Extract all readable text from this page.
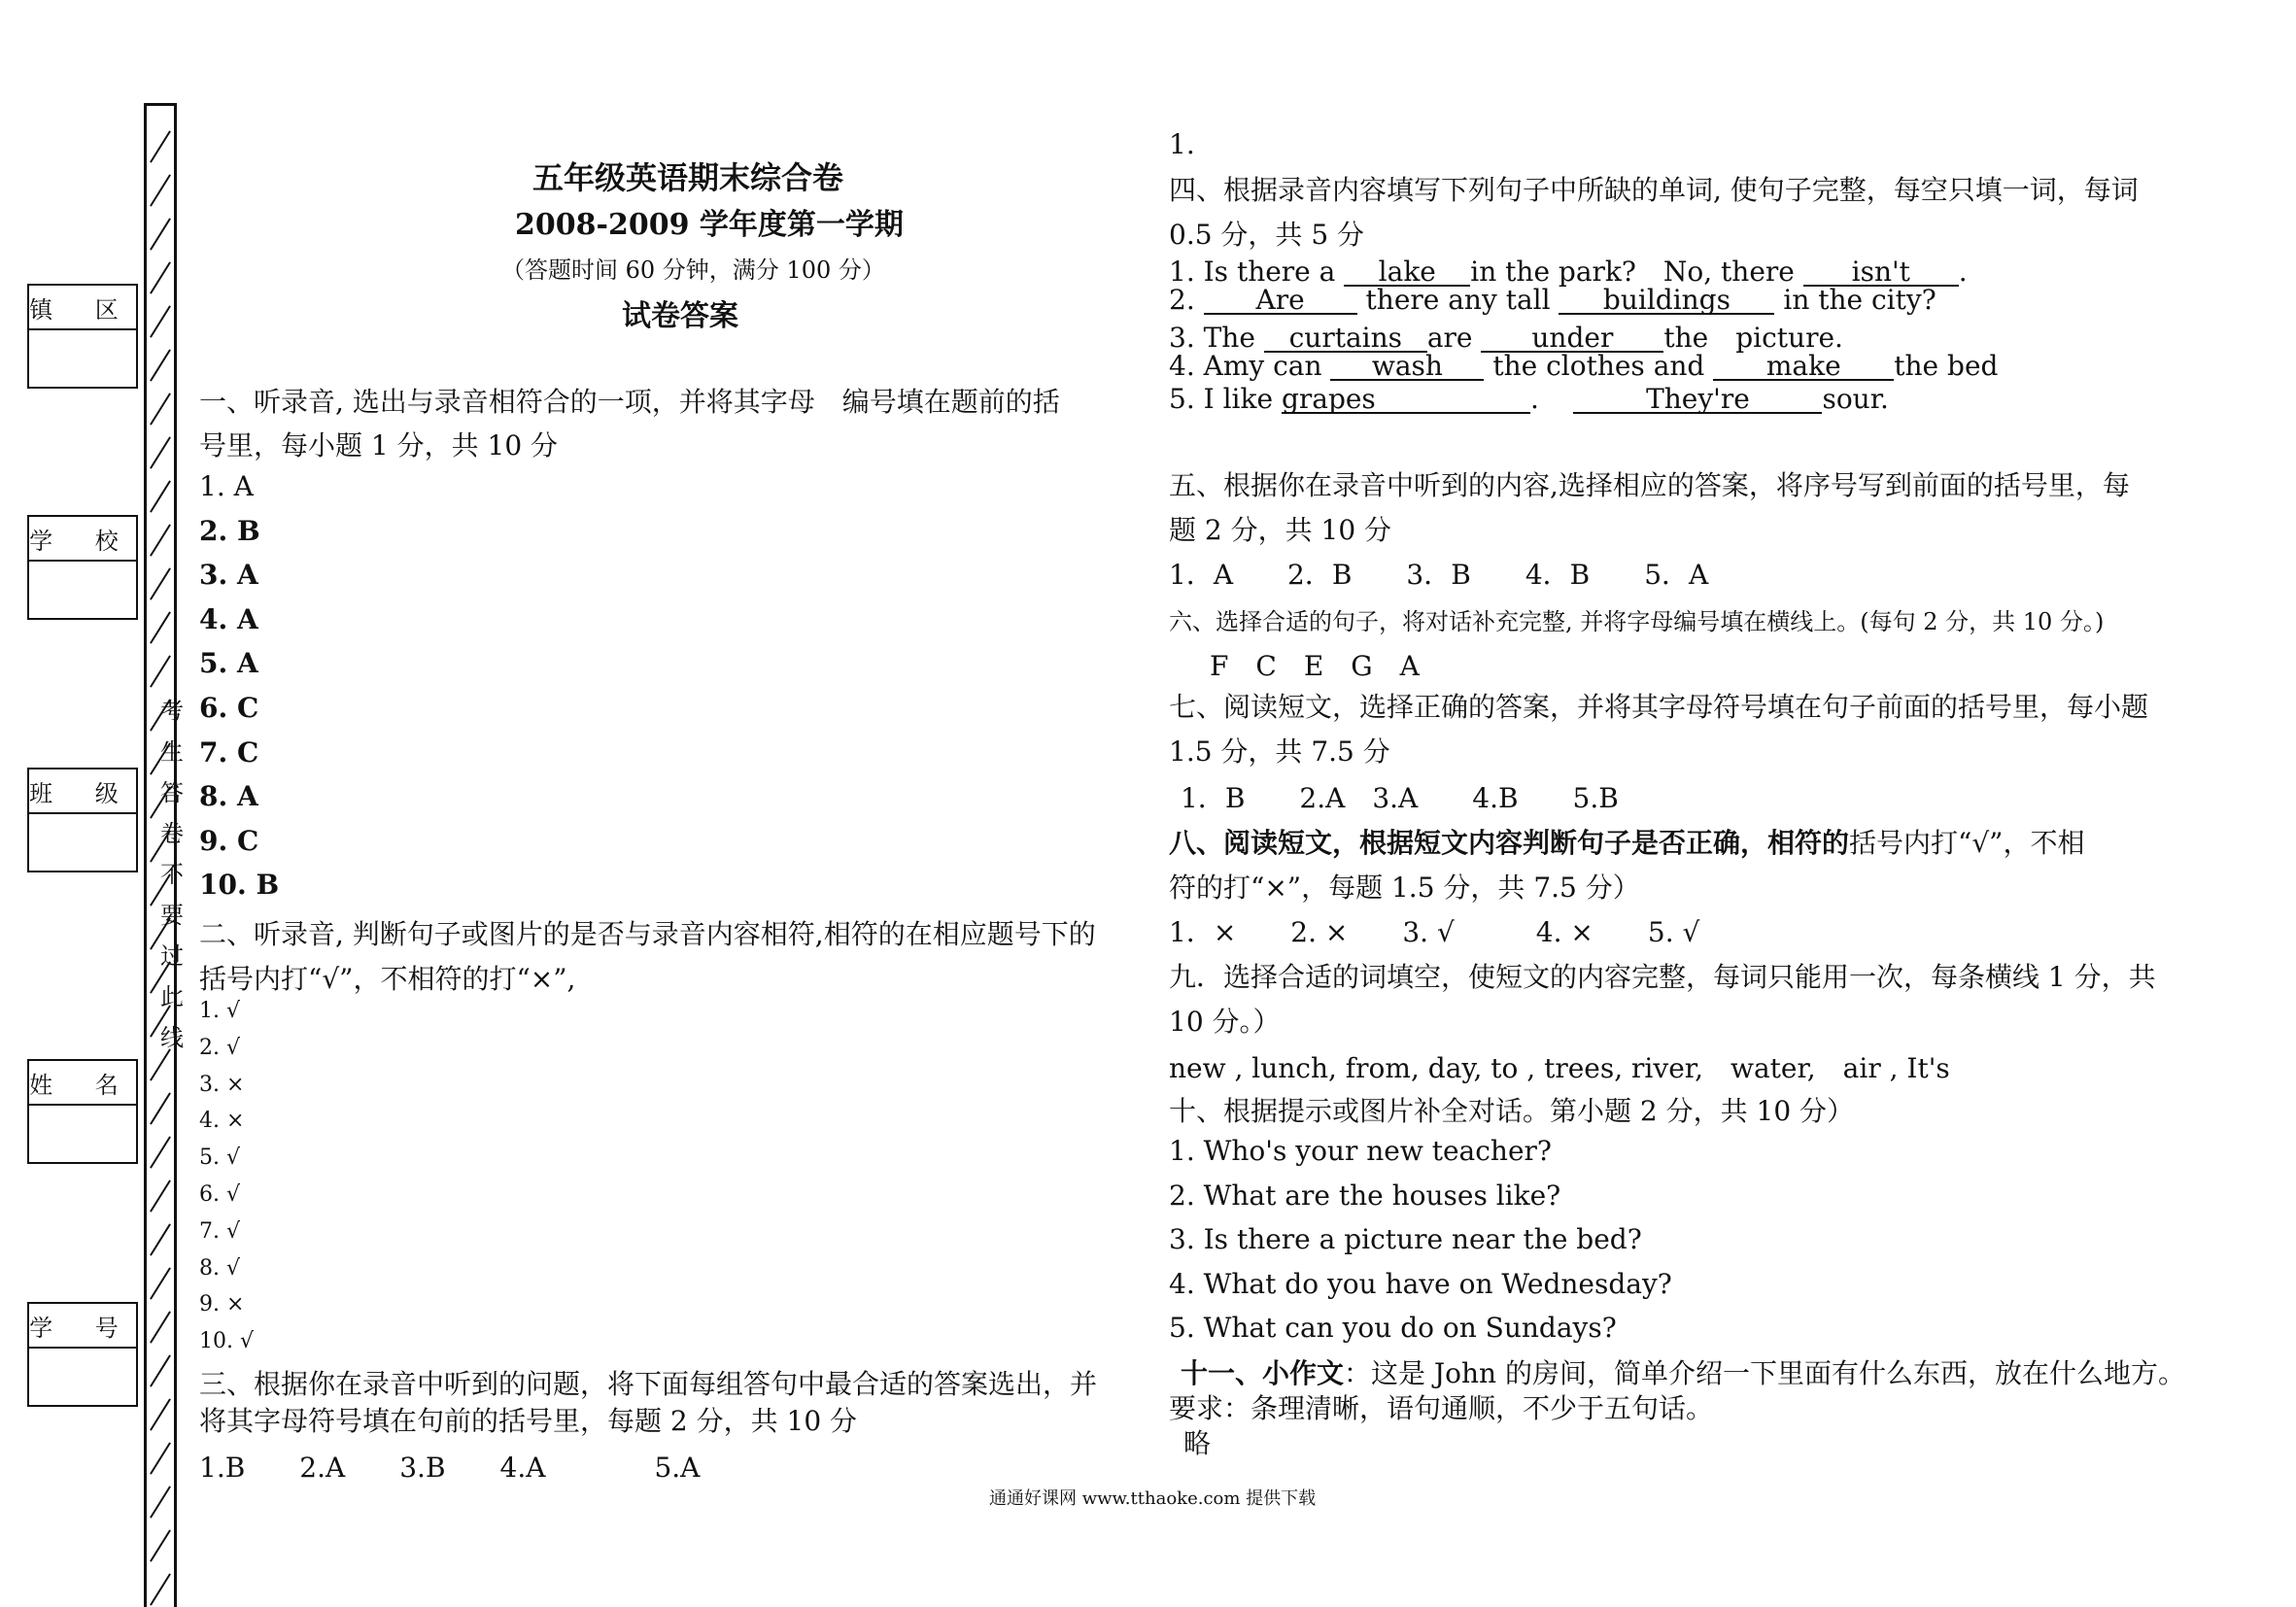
考
生
答
卷
不
要
过
此
线
镇 区
学 校
班 级
姓 名
学 号
五年级英语期末综合卷
2008-2009 学年度第一学期
（答题时间 60 分钟，满分 100 分）
试卷答案
一、听录音, 选出与录音相符合的一项，并将其字母　编号填在题前的括
号里，每小题 1 分，共 10 分
1. A
2. B
3. A
4. A
5. A
6. C
7. C
8. A
9. C
10. B
二、听录音, 判断句子或图片的是否与录音内容相符,相符的在相应题号下的
括号内打“√”，不相符的打“×”,
1. √
2. √
3. ×
4. ×
5. √
6. √
7. √
8. √
9. ×
10. √
三、根据你在录音中听到的问题，将下面每组答句中最合适的答案选出，并
将其字母符号填在句前的括号里，每题 2 分，共 10 分
1.B　　2.A　　3.B　　4.A　　　　5.A
1.
四、根据录音内容填写下列句子中所缺的单词, 使句子完整，每空只填一词，每词
0.5 分，共 5 分
1. Is there a lake in the park?　No, there isn't .
2. Are there any tall buildings in the city?
3. The curtains are under the　picture.
4. Amy can wash the clothes and make the bed
5. I like grapes	.	They're	sour.
五、根据你在录音中听到的内容,选择相应的答案，将序号写到前面的括号里，每
题 2 分，共 10 分
1．A　　2．B　　3．B　　4．B　　5．A
六、选择合适的句子，将对话补充完整, 并将字母编号填在横线上。(每句 2 分，共 10 分。)
F　C　E　G　A
七、阅读短文，选择正确的答案，并将其字母符号填在句子前面的括号里，每小题
1.5 分，共 7.5 分
1．B　　2.A　3.A　　4.B　　5.B
八、阅读短文，根据短文内容判断句子是否正确，相符的括号内打“√”，不相
符的打“×”，每题 1.5 分，共 7.5 分）
1．×　　2. ×　　3. √　　　4. ×　　5. √
九．选择合适的词填空，使短文的内容完整，每词只能用一次，每条横线 1 分，共
10 分。）
new , lunch, from, day, to , trees, river,　water,　air , It's
十、根据提示或图片补全对话。第小题 2 分，共 10 分）
1. Who's your new teacher?
2. What are the houses like?
3. Is there a picture near the bed?
4. What do you have on Wednesday?
5. What can you do on Sundays?
十一、小作文：这是 John 的房间，简单介绍一下里面有什么东西，放在什么地方。
要求：条理清晰，语句通顺，不少于五句话。
略
通通好课网 www.tthaoke.com 提供下载
